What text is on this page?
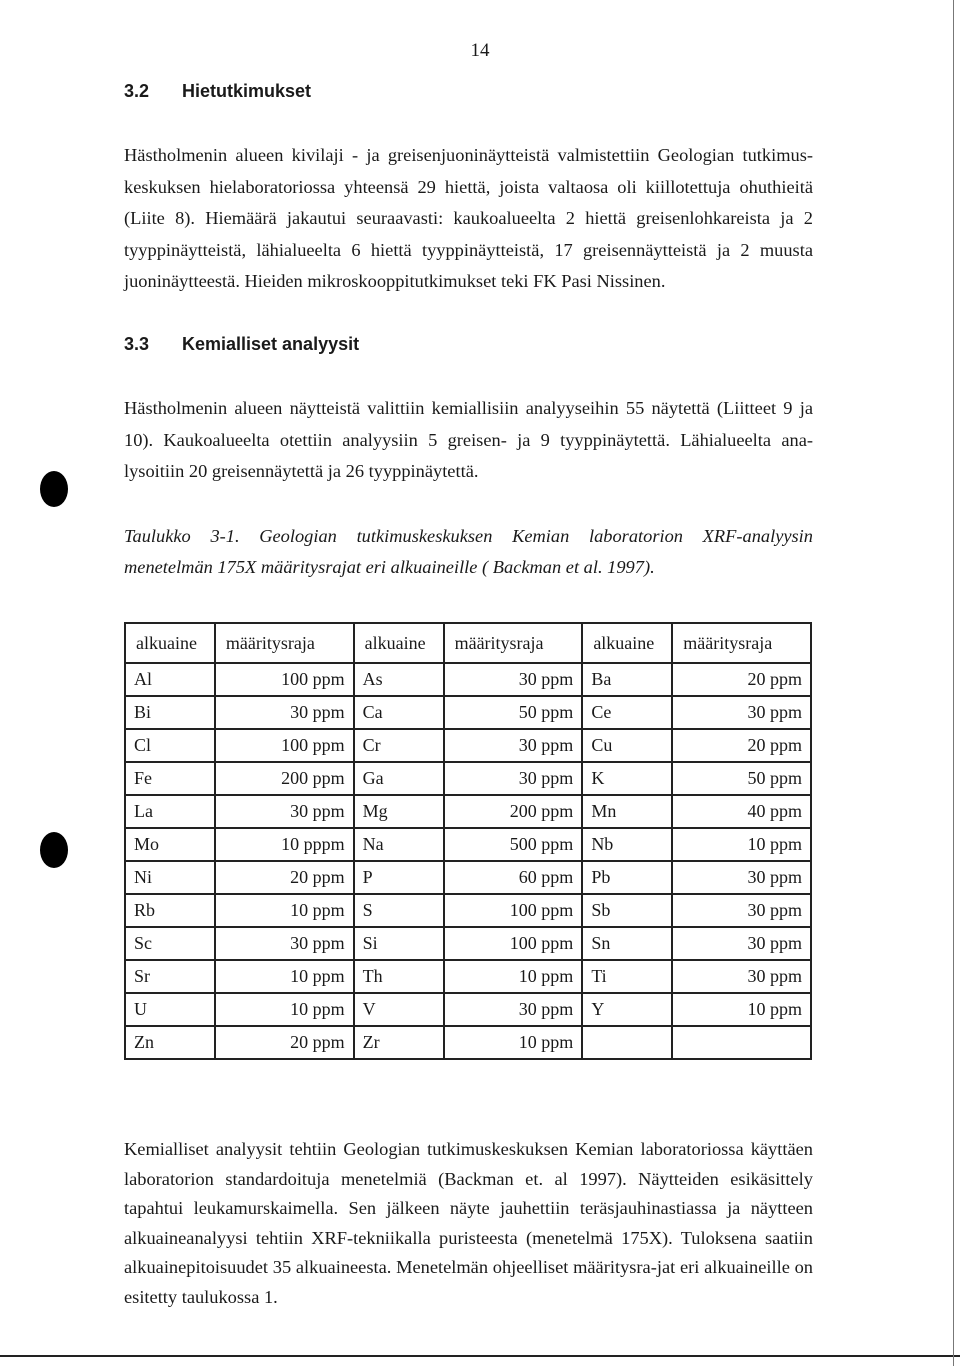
14
3.2 Hietutkimukset

Hästholmenin alueen kivilaji - ja greisenjuoninäytteistä valmistettiin Geologian tutkimus-keskuksen hielaboratoriossa yhteensä 29 hiettä, joista valtaosa oli kiillotettuja ohuthieitä (Liite 8). Hiemäärä jakautui seuraavasti: kaukoalueelta 2 hiettä greisenlohkareista ja 2 tyyppinäytteistä, lähialueelta 6 hiettä tyyppinäytteistä, 17 greisennäytteistä ja 2 muusta juoninäytteestä. Hieiden mikroskooppitutkimukset teki FK Pasi Nissinen.

3.3 Kemialliset analyysit

Hästholmenin alueen näytteistä valittiin kemiallisiin analyyseihin 55 näytettä (Liitteet 9 ja 10). Kaukoalueelta otettiin analyysiin 5 greisen- ja 9 tyyppinäytettä. Lähialueelta ana-lysoitiin 20 greisennäytettä ja 26 tyyppinäytettä.

Taulukko 3-1. Geologian tutkimuskeskuksen Kemian laboratorion XRF-analyysin menetelmän 175X määritysrajat eri alkuaineille ( Backman et al. 1997).

alkuaine	määritysraja	alkuaine	määritysraja	alkuaine	määritysraja
Al	100 ppm	As	30 ppm	Ba	20 ppm
Bi	30 ppm	Ca	50 ppm	Ce	30 ppm
Cl	100 ppm	Cr	30 ppm	Cu	20 ppm
Fe	200 ppm	Ga	30 ppm	K	50 ppm
La	30 ppm	Mg	200 ppm	Mn	40 ppm
Mo	10 pppm	Na	500 ppm	Nb	10 ppm
Ni	20 ppm	P	60 ppm	Pb	30 ppm
Rb	10 ppm	S	100 ppm	Sb	30 ppm
Sc	30 ppm	Si	100 ppm	Sn	30 ppm
Sr	10 ppm	Th	10 ppm	Ti	30 ppm
U	10 ppm	V	30 ppm	Y	10 ppm
Zn	20 ppm	Zr	10 ppm		

Kemialliset analyysit tehtiin Geologian tutkimuskeskuksen Kemian laboratoriossa käyttäen laboratorion standardoituja menetelmiä (Backman et. al 1997). Näytteiden esikäsittely tapahtui leukamurskaimella. Sen jälkeen näyte jauhettiin teräsjauhinastiassa ja näytteen alkuaineanalyysi tehtiin XRF-tekniikalla puristeesta (menetelmä 175X). Tuloksena saatiin alkuainepitoisuudet 35 alkuaineesta. Menetelmän ohjeelliset määritysra-jat eri alkuaineille on esitetty taulukossa 1.
